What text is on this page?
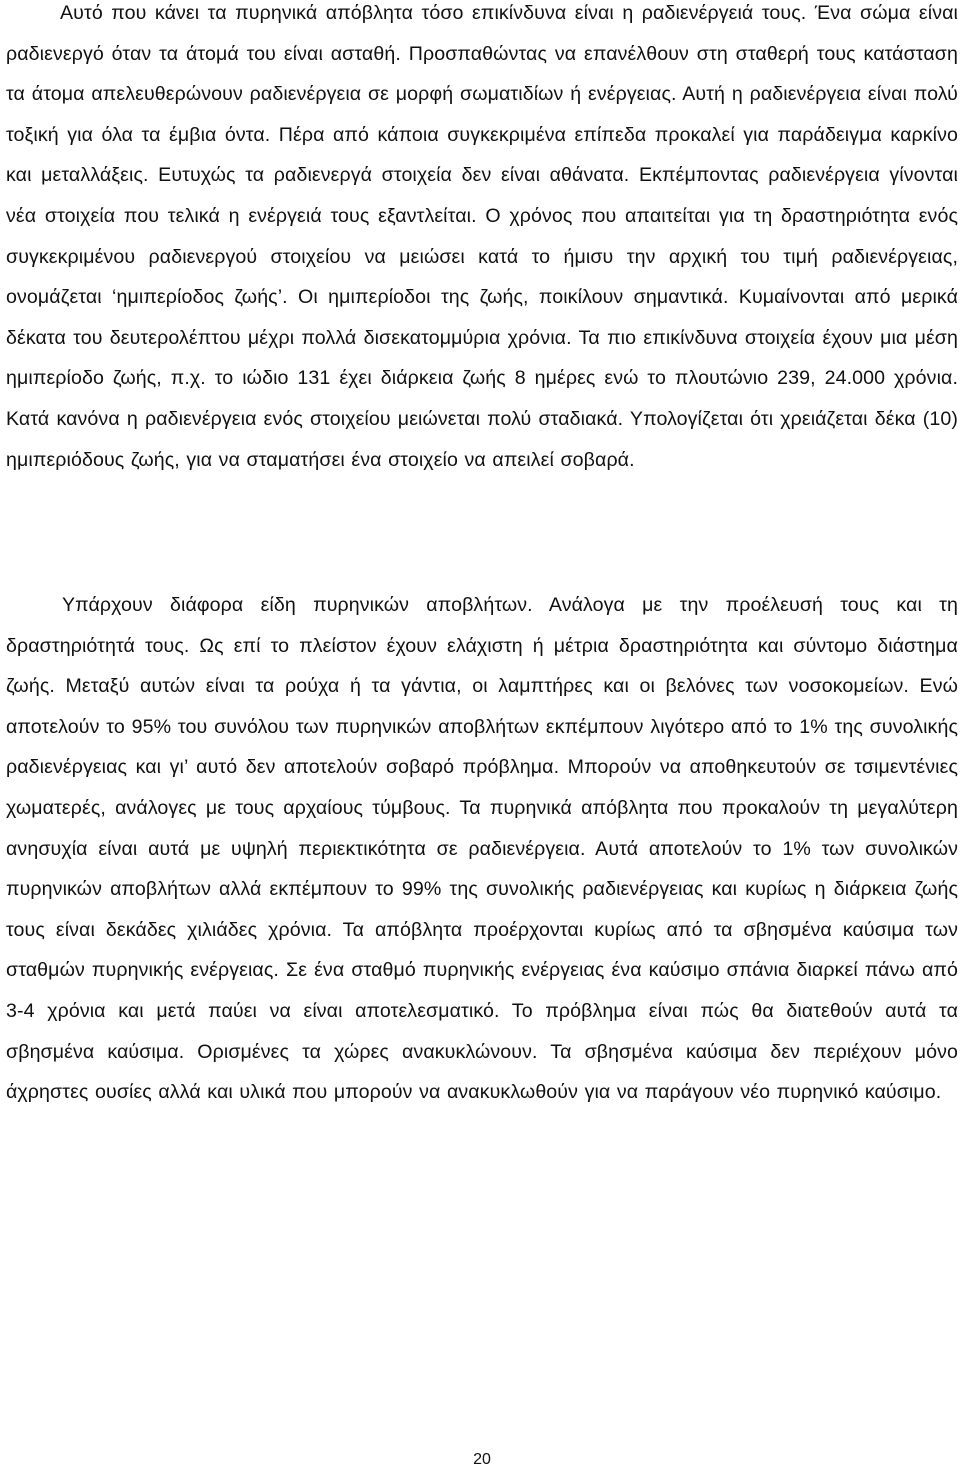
Αυτό που κάνει τα πυρηνικά απόβλητα τόσο επικίνδυνα είναι η ραδιενέργειά τους. Ένα σώμα είναι ραδιενεργό όταν τα άτομά του είναι ασταθή. Προσπαθώντας να επανέλθουν στη σταθερή τους κατάσταση τα άτομα απελευθερώνουν ραδιενέργεια σε μορφή σωματιδίων ή ενέργειας. Αυτή η ραδιενέργεια είναι πολύ τοξική για όλα τα έμβια όντα. Πέρα από κάποια συγκεκριμένα επίπεδα προκαλεί για παράδειγμα καρκίνο και μεταλλάξεις. Ευτυχώς τα ραδιενεργά στοιχεία δεν είναι αθάνατα. Εκπέμποντας ραδιενέργεια γίνονται νέα στοιχεία που τελικά η ενέργειά τους εξαντλείται. Ο χρόνος που απαιτείται για τη δραστηριότητα ενός συγκεκριμένου ραδιενεργού στοιχείου να μειώσει κατά το ήμισυ την αρχική του τιμή ραδιενέργειας, ονομάζεται ‘ημιπερίοδος ζωής’. Οι ημιπερίοδοι της ζωής, ποικίλουν σημαντικά. Κυμαίνονται από μερικά δέκατα του δευτερολέπτου μέχρι πολλά δισεκατομμύρια χρόνια. Τα πιο επικίνδυνα στοιχεία έχουν μια μέση ημιπερίοδο ζωής, π.χ. το ιώδιο 131 έχει διάρκεια ζωής 8 ημέρες ενώ το πλουτώνιο 239, 24.000 χρόνια. Κατά κανόνα η ραδιενέργεια ενός στοιχείου μειώνεται πολύ σταδιακά. Υπολογίζεται ότι χρειάζεται δέκα (10) ημιπεριόδους ζωής, για να σταματήσει ένα στοιχείο να απειλεί σοβαρά.

Υπάρχουν διάφορα είδη πυρηνικών αποβλήτων. Ανάλογα με την προέλευσή τους και τη δραστηριότητά τους. Ως επί το πλείστον έχουν ελάχιστη ή μέτρια δραστηριότητα και σύντομο διάστημα ζωής. Μεταξύ αυτών είναι τα ρούχα ή τα γάντια, οι λαμπτήρες και οι βελόνες των νοσοκομείων. Ενώ αποτελούν το 95% του συνόλου των πυρηνικών αποβλήτων εκπέμπουν λιγότερο από το 1% της συνολικής ραδιενέργειας και γι’ αυτό δεν αποτελούν σοβαρό πρόβλημα. Μπορούν να αποθηκευτούν σε τσιμεντένιες χωματερές, ανάλογες με τους αρχαίους τύμβους. Τα πυρηνικά απόβλητα που προκαλούν τη μεγαλύτερη ανησυχία είναι αυτά με υψηλή περιεκτικότητα σε ραδιενέργεια. Αυτά αποτελούν το 1% των συνολικών πυρηνικών αποβλήτων αλλά εκπέμπουν το 99% της συνολικής ραδιενέργειας και κυρίως η διάρκεια ζωής τους είναι δεκάδες χιλιάδες χρόνια. Τα απόβλητα προέρχονται κυρίως από τα σβησμένα καύσιμα των σταθμών πυρηνικής ενέργειας. Σε ένα σταθμό πυρηνικής ενέργειας ένα καύσιμο σπάνια διαρκεί πάνω από 3-4 χρόνια και μετά παύει να είναι αποτελεσματικό. Το πρόβλημα είναι πώς θα διατεθούν αυτά τα σβησμένα καύσιμα. Ορισμένες τα χώρες ανακυκλώνουν. Τα σβησμένα καύσιμα δεν περιέχουν μόνο άχρηστες ουσίες αλλά και υλικά που μπορούν να ανακυκλωθούν για να παράγουν νέο πυρηνικό καύσιμο.

20
